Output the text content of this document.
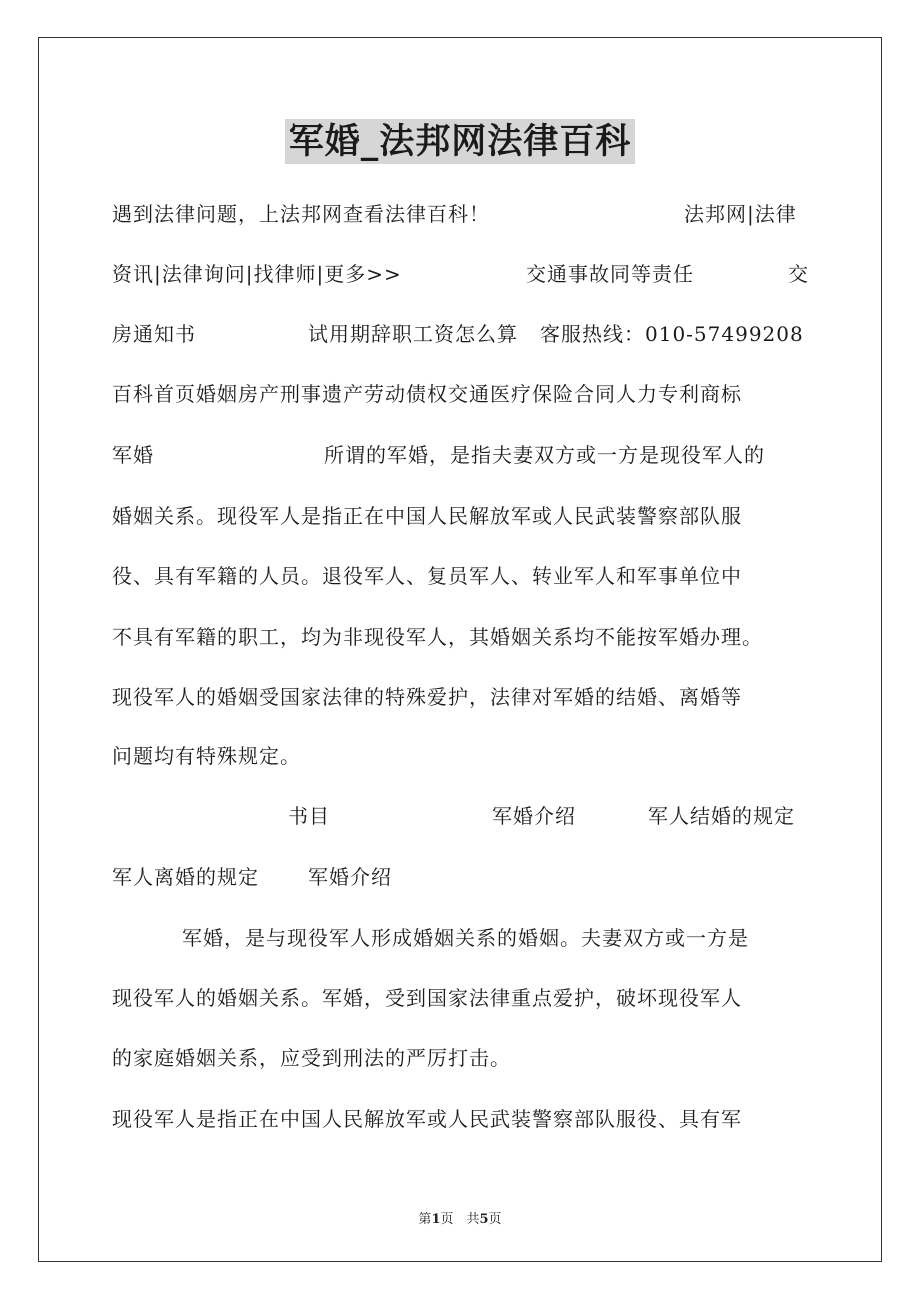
军婚_法邦网法律百科
遇到法律问题，上法邦网查看法律百科！	法邦网|法律
资讯|法律询问|找律师|更多>>	交通事故同等责任	交
房通知书	试用期辞职工资怎么算 客服热线：010-57499208
百科首页婚姻房产刑事遗产劳动债权交通医疗保险合同人力专利商标
军婚	所谓的军婚，是指夫妻双方或一方是现役军人的
婚姻关系。现役军人是指正在中国人民解放军或人民武装警察部队服
役、具有军籍的人员。退役军人、复员军人、转业军人和军事单位中
不具有军籍的职工，均为非现役军人，其婚姻关系均不能按军婚办理。
现役军人的婚姻受国家法律的特殊爱护，法律对军婚的结婚、离婚等
问题均有特殊规定。
书目	军婚介绍	军人结婚的规定
军人离婚的规定 军婚介绍
军婚，是与现役军人形成婚姻关系的婚姻。夫妻双方或一方是
现役军人的婚姻关系。军婚，受到国家法律重点爱护，破坏现役军人
的家庭婚姻关系，应受到刑法的严厉打击。
现役军人是指正在中国人民解放军或人民武装警察部队服役、具有军
第1页　共5页
